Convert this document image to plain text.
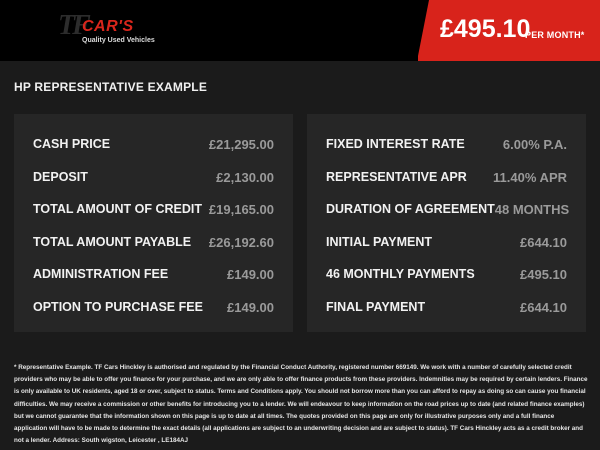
TF
CAR'S
Quality Used Vehicles	£495.10
PER MONTH*
HP REPRESENTATIVE EXAMPLE
CASH PRICE	£21,295.00
DEPOSIT	£2,130.00
TOTAL AMOUNT OF CREDIT £19,165.00
TOTAL AMOUNT PAYABLE £26,192.60
ADMINISTRATION FEE	£149.00
OPTION TO PURCHASE FEE £149.00
FIXED INTEREST RATE	6.00% P.A.
REPRESENTATIVE APR 11.40% APR
DURATION OF AGREEMENT 48 MONTHS
INITIAL PAYMENT	£644.10
46 MONTHLY PAYMENTS	£495.10
FINAL PAYMENT	£644.10
* Representative Example. TF Cars Hinckley is authorised and regulated by the Financial Conduct Authority, registered number 669149. We work with a number of carefully selected credit providers who may be able to offer you finance for your purchase, and we are only able to offer finance products from these providers. Indemnities may be required by certain lenders. Finance is only available to UK residents, aged 18 or over, subject to status. Terms and Conditions apply. You should not borrow more than you can afford to repay as doing so can cause you financial difficulties. We may receive a commission or other benefits for introducing you to a lender. We will endeavour to keep information on the road prices up to date (and related finance examples) but we cannot guarantee that the information shown on this page is up to date at all times. The quotes provided on this page are only for illustrative purposes only and a full finance application will have to be made to determine the exact details (all applications are subject to an underwriting decision and are subject to status). TF Cars Hinckley acts as a credit broker and not a lender. Address: South wigston, Leicester , LE184AJ
